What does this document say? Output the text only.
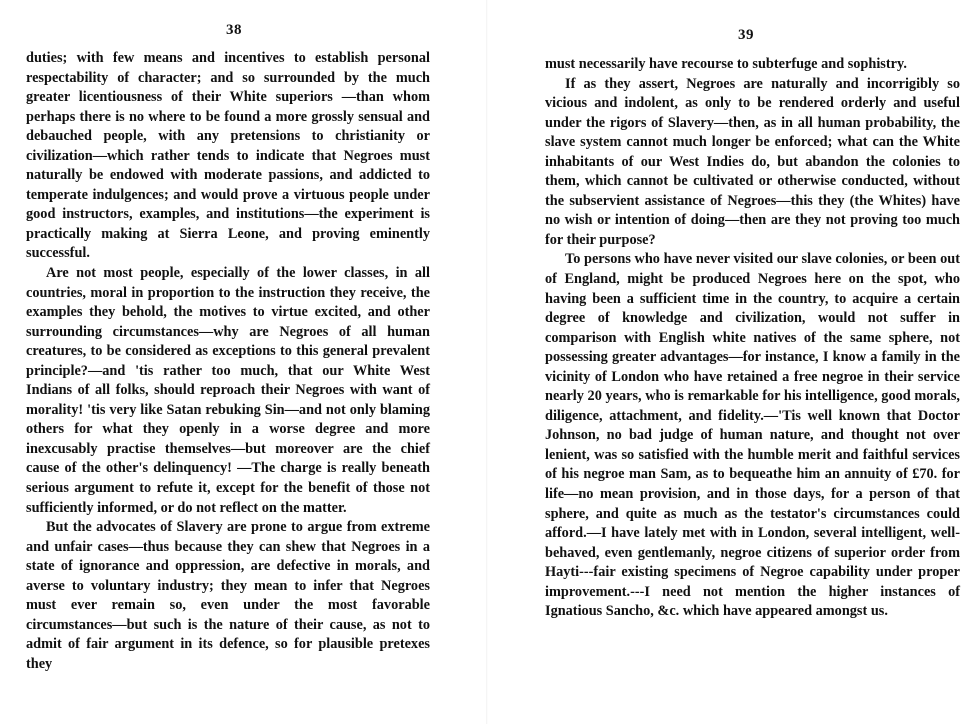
38

duties; with few means and incentives to establish personal respectability of character; and so surrounded by the much greater licentiousness of their White superiors —than whom perhaps there is no where to be found a more grossly sensual and debauched people, with any pretensions to christianity or civilization—which rather tends to indicate that Negroes must naturally be endowed with moderate passions, and addicted to temperate indulgences; and would prove a virtuous people under good instructors, examples, and institutions—the experiment is practically making at Sierra Leone, and proving eminently successful.

Are not most people, especially of the lower classes, in all countries, moral in proportion to the instruction they receive, the examples they behold, the motives to virtue excited, and other surrounding circumstances—why are Negroes of all human creatures, to be considered as exceptions to this general prevalent principle?—and 'tis rather too much, that our White West Indians of all folks, should reproach their Negroes with want of morality! 'tis very like Satan rebuking Sin—and not only blaming others for what they openly in a worse degree and more inexcusably practise themselves—but moreover are the chief cause of the other's delinquency! —The charge is really beneath serious argument to refute it, except for the benefit of those not sufficiently informed, or do not reflect on the matter.

But the advocates of Slavery are prone to argue from extreme and unfair cases—thus because they can shew that Negroes in a state of ignorance and oppression, are defective in morals, and averse to voluntary industry; they mean to infer that Negroes must ever remain so, even under the most favorable circumstances—but such is the nature of their cause, as not to admit of fair argument in its defence, so for plausible pretexes they

39

must necessarily have recourse to subterfuge and sophistry.

If as they assert, Negroes are naturally and incorrigibly so vicious and indolent, as only to be rendered orderly and useful under the rigors of Slavery—then, as in all human probability, the slave system cannot much longer be enforced; what can the White inhabitants of our West Indies do, but abandon the colonies to them, which cannot be cultivated or otherwise conducted, without the subservient assistance of Negroes—this they (the Whites) have no wish or intention of doing—then are they not proving too much for their purpose?

To persons who have never visited our slave colonies, or been out of England, might be produced Negroes here on the spot, who having been a sufficient time in the country, to acquire a certain degree of knowledge and civilization, would not suffer in comparison with English white natives of the same sphere, not possessing greater advantages—for instance, I know a family in the vicinity of London who have retained a free negroe in their service nearly 20 years, who is remarkable for his intelligence, good morals, diligence, attachment, and fidelity.—'Tis well known that Doctor Johnson, no bad judge of human nature, and thought not over lenient, was so satisfied with the humble merit and faithful services of his negroe man Sam, as to bequeathe him an annuity of £70. for life—no mean provision, and in those days, for a person of that sphere, and quite as much as the testator's circumstances could afford.—I have lately met with in London, several intelligent, well-behaved, even gentlemanly, negroe citizens of superior order from Hayti---fair existing specimens of Negroe capability under proper improvement.---I need not mention the higher instances of Ignatious Sancho, &c. which have appeared amongst us.
